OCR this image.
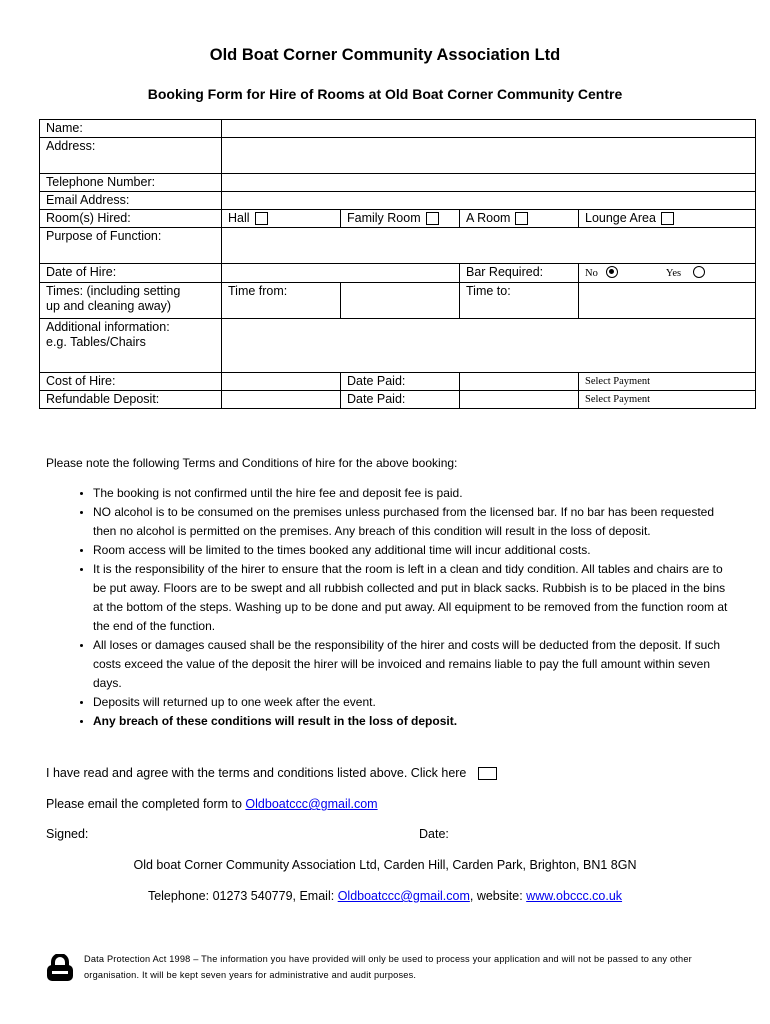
Old Boat Corner Community Association Ltd
Booking Form for Hire of Rooms at Old Boat Corner Community Centre
Name:				
Address:				
Telephone Number:				
Email Address:				
Room(s) Hired:	Hall	Family Room	A Room	Lounge Area
Purpose of Function:				
Date of Hire:			Bar Required:	No Yes

Times: (including setting
up and cleaning away)	Time from:		Time to:	

Additional information:
e.g. Tables/Chairs				

Cost of Hire:		Date Paid:		Select Payment
Refundable Deposit:		Date Paid:		Select Payment

Please note the following Terms and Conditions of hire for the above booking:

• The booking is not confirmed until the hire fee and deposit fee is paid.
• NO alcohol is to be consumed on the premises unless purchased from the licensed bar. If no bar has been requested then no alcohol is permitted on the premises. Any breach of this condition will result in the loss of deposit.
• Room access will be limited to the times booked any additional time will incur additional costs.
• It is the responsibility of the hirer to ensure that the room is left in a clean and tidy condition. All tables and chairs are to be put away. Floors are to be swept and all rubbish collected and put in black sacks. Rubbish is to be placed in the bins at the bottom of the steps. Washing up to be done and put away. All equipment to be removed from the function room at the end of the function.
• All loses or damages caused shall be the responsibility of the hirer and costs will be deducted from the deposit. If such costs exceed the value of the deposit the hirer will be invoiced and remains liable to pay the full amount within seven days.
• Deposits will returned up to one week after the event.
• Any breach of these conditions will result in the loss of deposit.
I have read and agree with the terms and conditions listed above. Click here
Please email the completed form to Oldboatccc@gmail.com
Signed:	Date:
Old boat Corner Community Association Ltd, Carden Hill, Carden Park, Brighton, BN1 8GN
Telephone: 01273 540779, Email: Oldboatccc@gmail.com, website: www.obccc.co.uk
Data Protection Act 1998 – The information you have provided will only be used to process your application and will not be passed to any other organisation. It will be kept seven years for administrative and audit purposes.
